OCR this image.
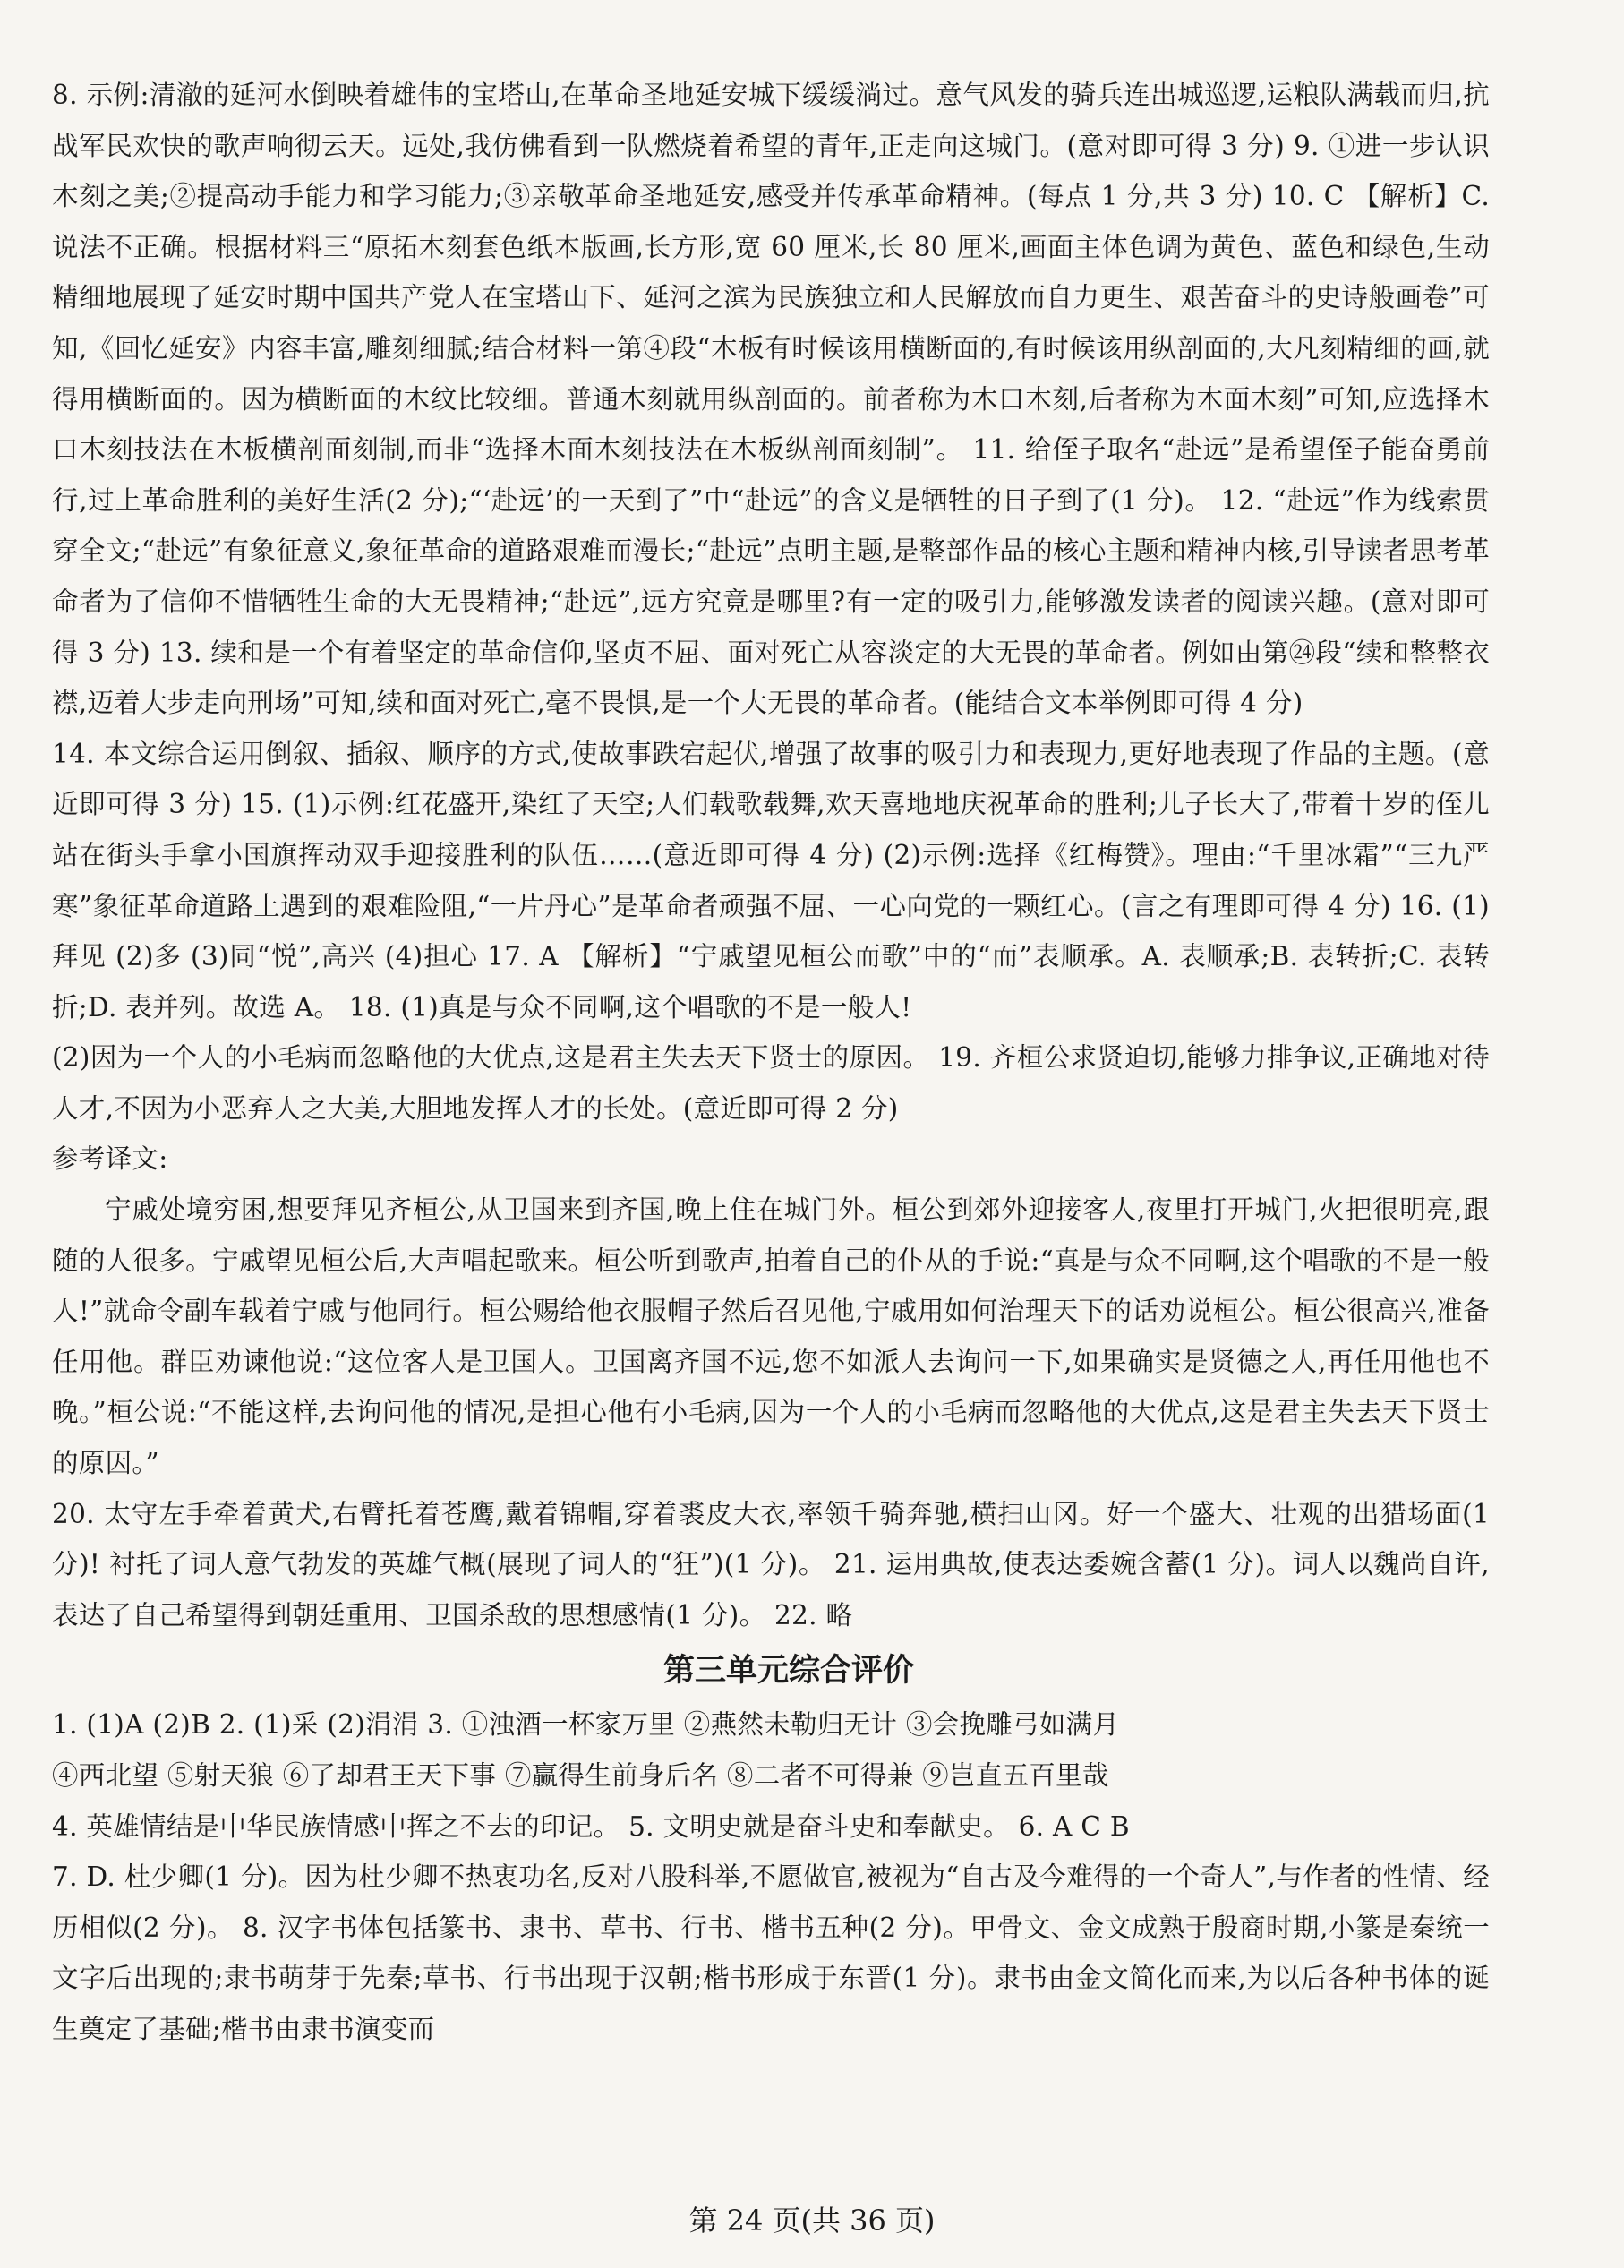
8. 示例:清澈的延河水倒映着雄伟的宝塔山,在革命圣地延安城下缓缓淌过。意气风发的骑兵连出城巡逻,运粮队满载而归,抗战军民欢快的歌声响彻云天。远处,我仿佛看到一队燃烧着希望的青年,正走向这城门。(意对即可得 3 分) 9. ①进一步认识木刻之美;②提高动手能力和学习能力;③亲敬革命圣地延安,感受并传承革命精神。(每点 1 分,共 3 分) 10. C 【解析】C. 说法不正确。根据材料三“原拓木刻套色纸本版画,长方形,宽 60 厘米,长 80 厘米,画面主体色调为黄色、蓝色和绿色,生动精细地展现了延安时期中国共产党人在宝塔山下、延河之滨为民族独立和人民解放而自力更生、艰苦奋斗的史诗般画卷”可知,《回忆延安》内容丰富,雕刻细腻;结合材料一第④段“木板有时候该用横断面的,有时候该用纵剖面的,大凡刻精细的画,就得用横断面的。因为横断面的木纹比较细。普通木刻就用纵剖面的。前者称为木口木刻,后者称为木面木刻”可知,应选择木口木刻技法在木板横剖面刻制,而非“选择木面木刻技法在木板纵剖面刻制”。 11. 给侄子取名“赴远”是希望侄子能奋勇前行,过上革命胜利的美好生活(2 分);“‘赴远’的一天到了”中“赴远”的含义是牺牲的日子到了(1 分)。 12. “赴远”作为线索贯穿全文;“赴远”有象征意义,象征革命的道路艰难而漫长;“赴远”点明主题,是整部作品的核心主题和精神内核,引导读者思考革命者为了信仰不惜牺牲生命的大无畏精神;“赴远”,远方究竟是哪里?有一定的吸引力,能够激发读者的阅读兴趣。(意对即可得 3 分) 13. 续和是一个有着坚定的革命信仰,坚贞不屈、面对死亡从容淡定的大无畏的革命者。例如由第㉔段“续和整整衣襟,迈着大步走向刑场”可知,续和面对死亡,毫不畏惧,是一个大无畏的革命者。(能结合文本举例即可得 4 分)

14. 本文综合运用倒叙、插叙、顺序的方式,使故事跌宕起伏,增强了故事的吸引力和表现力,更好地表现了作品的主题。(意近即可得 3 分) 15. (1)示例:红花盛开,染红了天空;人们载歌载舞,欢天喜地地庆祝革命的胜利;儿子长大了,带着十岁的侄儿站在街头手拿小国旗挥动双手迎接胜利的队伍……(意近即可得 4 分) (2)示例:选择《红梅赞》。理由:“千里冰霜”“三九严寒”象征革命道路上遇到的艰难险阻,“一片丹心”是革命者顽强不屈、一心向党的一颗红心。(言之有理即可得 4 分) 16. (1)拜见 (2)多 (3)同“悦”,高兴 (4)担心 17. A 【解析】“宁戚望见桓公而歌”中的“而”表顺承。A. 表顺承;B. 表转折;C. 表转折;D. 表并列。故选 A。 18. (1)真是与众不同啊,这个唱歌的不是一般人!

(2)因为一个人的小毛病而忽略他的大优点,这是君主失去天下贤士的原因。 19. 齐桓公求贤迫切,能够力排争议,正确地对待人才,不因为小恶弃人之大美,大胆地发挥人才的长处。(意近即可得 2 分)

参考译文:

宁戚处境穷困,想要拜见齐桓公,从卫国来到齐国,晚上住在城门外。桓公到郊外迎接客人,夜里打开城门,火把很明亮,跟随的人很多。宁戚望见桓公后,大声唱起歌来。桓公听到歌声,拍着自己的仆从的手说:“真是与众不同啊,这个唱歌的不是一般人!”就命令副车载着宁戚与他同行。桓公赐给他衣服帽子然后召见他,宁戚用如何治理天下的话劝说桓公。桓公很高兴,准备任用他。群臣劝谏他说:“这位客人是卫国人。卫国离齐国不远,您不如派人去询问一下,如果确实是贤德之人,再任用他也不晚。”桓公说:“不能这样,去询问他的情况,是担心他有小毛病,因为一个人的小毛病而忽略他的大优点,这是君主失去天下贤士的原因。”

20. 太守左手牵着黄犬,右臂托着苍鹰,戴着锦帽,穿着裘皮大衣,率领千骑奔驰,横扫山冈。好一个盛大、壮观的出猎场面(1 分)! 衬托了词人意气勃发的英雄气概(展现了词人的“狂”)(1 分)。 21. 运用典故,使表达委婉含蓄(1 分)。词人以魏尚自许,表达了自己希望得到朝廷重用、卫国杀敌的思想感情(1 分)。 22. 略

第三单元综合评价

1. (1)A (2)B 2. (1)采 (2)涓涓 3. ①浊酒一杯家万里 ②燕然未勒归无计 ③会挽雕弓如满月

④西北望 ⑤射天狼 ⑥了却君王天下事 ⑦赢得生前身后名 ⑧二者不可得兼 ⑨岂直五百里哉

4. 英雄情结是中华民族情感中挥之不去的印记。 5. 文明史就是奋斗史和奉献史。 6. A C B

7. D. 杜少卿(1 分)。因为杜少卿不热衷功名,反对八股科举,不愿做官,被视为“自古及今难得的一个奇人”,与作者的性情、经历相似(2 分)。 8. 汉字书体包括篆书、隶书、草书、行书、楷书五种(2 分)。甲骨文、金文成熟于殷商时期,小篆是秦统一文字后出现的;隶书萌芽于先秦;草书、行书出现于汉朝;楷书形成于东晋(1 分)。隶书由金文简化而来,为以后各种书体的诞生奠定了基础;楷书由隶书演变而

第 24 页(共 36 页)
